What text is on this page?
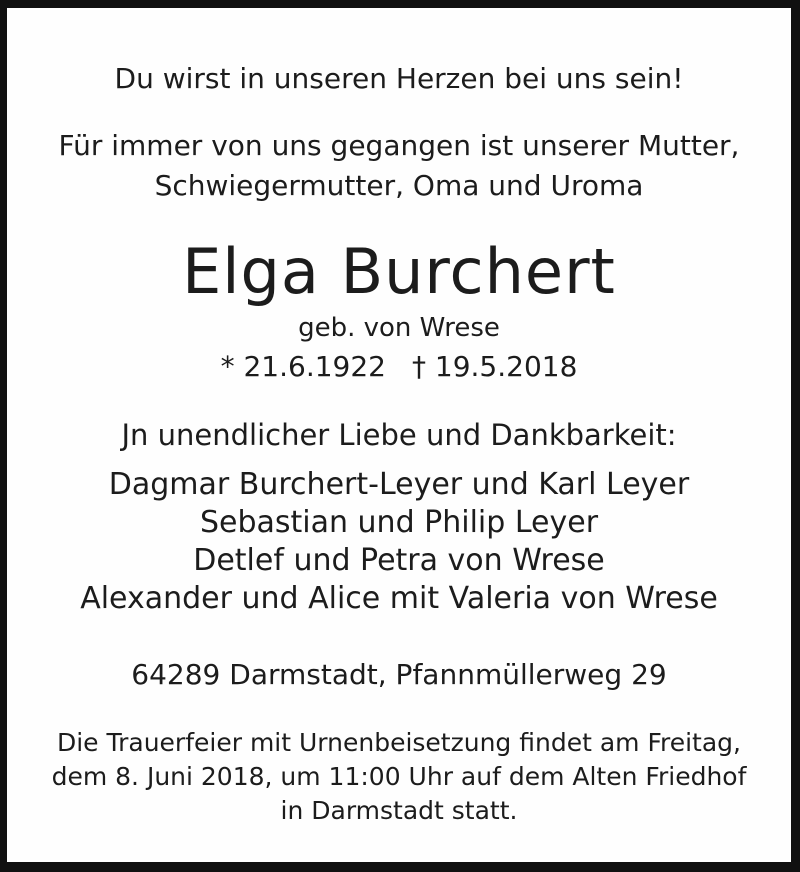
Du wirst in unseren Herzen bei uns sein!
Für immer von uns gegangen ist unserer Mutter,
Schwiegermutter, Oma und Uroma
Elga Burchert
geb. von Wrese
* 21.6.1922 † 19.5.2018
Jn unendlicher Liebe und Dankbarkeit:
Dagmar Burchert-Leyer und Karl Leyer
Sebastian und Philip Leyer
Detlef und Petra von Wrese
Alexander und Alice mit Valeria von Wrese
64289 Darmstadt, Pfannmüllerweg 29
Die Trauerfeier mit Urnenbeisetzung findet am Freitag,
dem 8. Juni 2018, um 11:00 Uhr auf dem Alten Friedhof
in Darmstadt statt.
